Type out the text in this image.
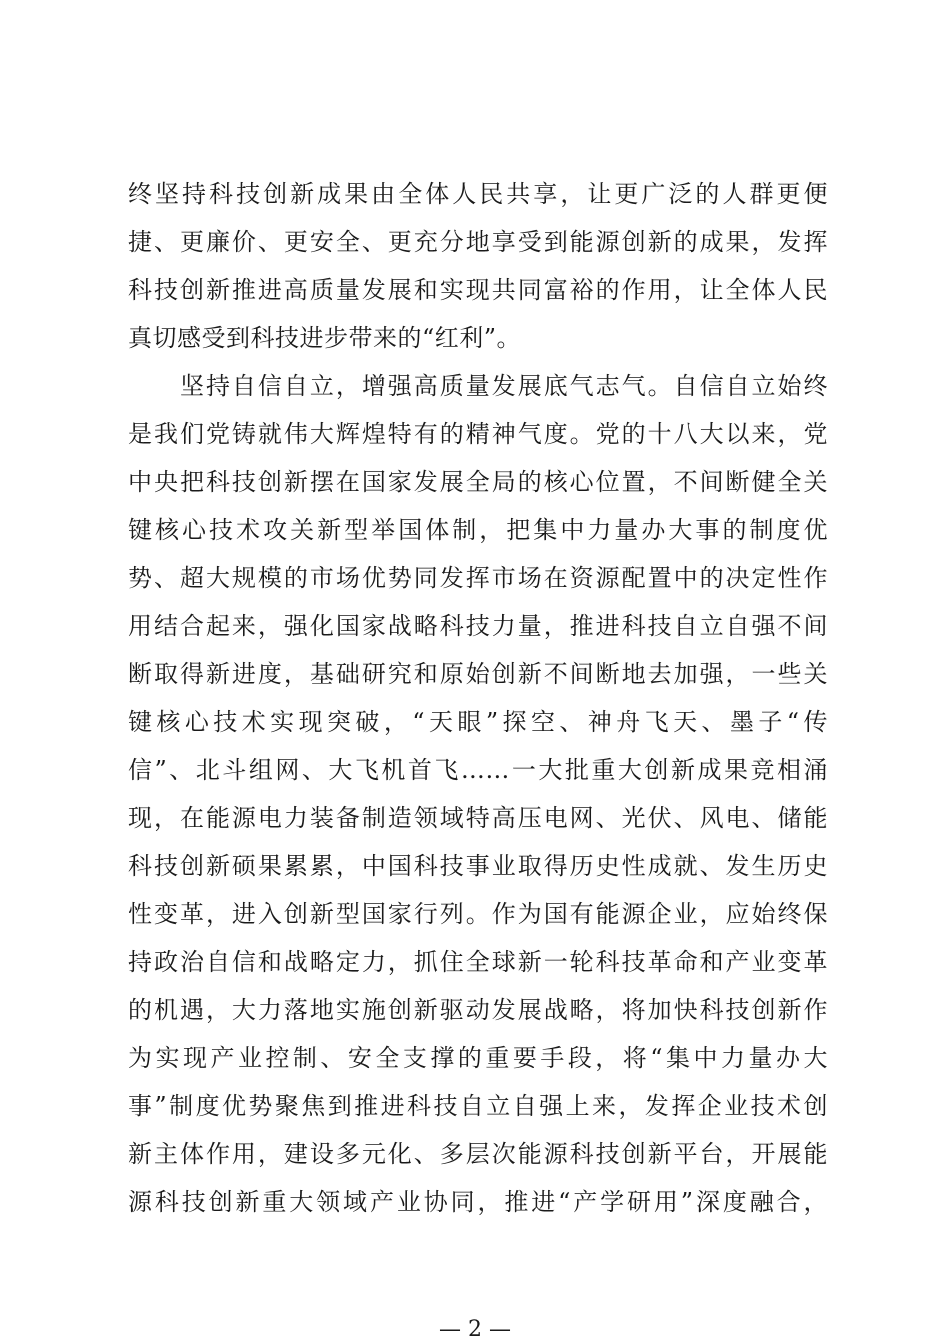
终坚持科技创新成果由全体人民共享，让更广泛的人群更便
捷、更廉价、更安全、更充分地享受到能源创新的成果，发挥
科技创新推进高质量发展和实现共同富裕的作用，让全体人民
真切感受到科技进步带来的“红利”。
　　坚持自信自立，增强高质量发展底气志气。自信自立始终
是我们党铸就伟大辉煌特有的精神气度。党的十八大以来，党
中央把科技创新摆在国家发展全局的核心位置，不间断健全关
键核心技术攻关新型举国体制，把集中力量办大事的制度优
势、超大规模的市场优势同发挥市场在资源配置中的决定性作
用结合起来，强化国家战略科技力量，推进科技自立自强不间
断取得新进度，基础研究和原始创新不间断地去加强，一些关
键核心技术实现突破，“天眼”探空、神舟飞天、墨子“传
信”、北斗组网、大飞机首飞……一大批重大创新成果竞相涌
现，在能源电力装备制造领域特高压电网、光伏、风电、储能
科技创新硕果累累，中国科技事业取得历史性成就、发生历史
性变革，进入创新型国家行列。作为国有能源企业，应始终保
持政治自信和战略定力，抓住全球新一轮科技革命和产业变革
的机遇，大力落地实施创新驱动发展战略，将加快科技创新作
为实现产业控制、安全支撑的重要手段，将“集中力量办大
事”制度优势聚焦到推进科技自立自强上来，发挥企业技术创
新主体作用，建设多元化、多层次能源科技创新平台，开展能
源科技创新重大领域产业协同，推进“产学研用”深度融合，
— 2 —
